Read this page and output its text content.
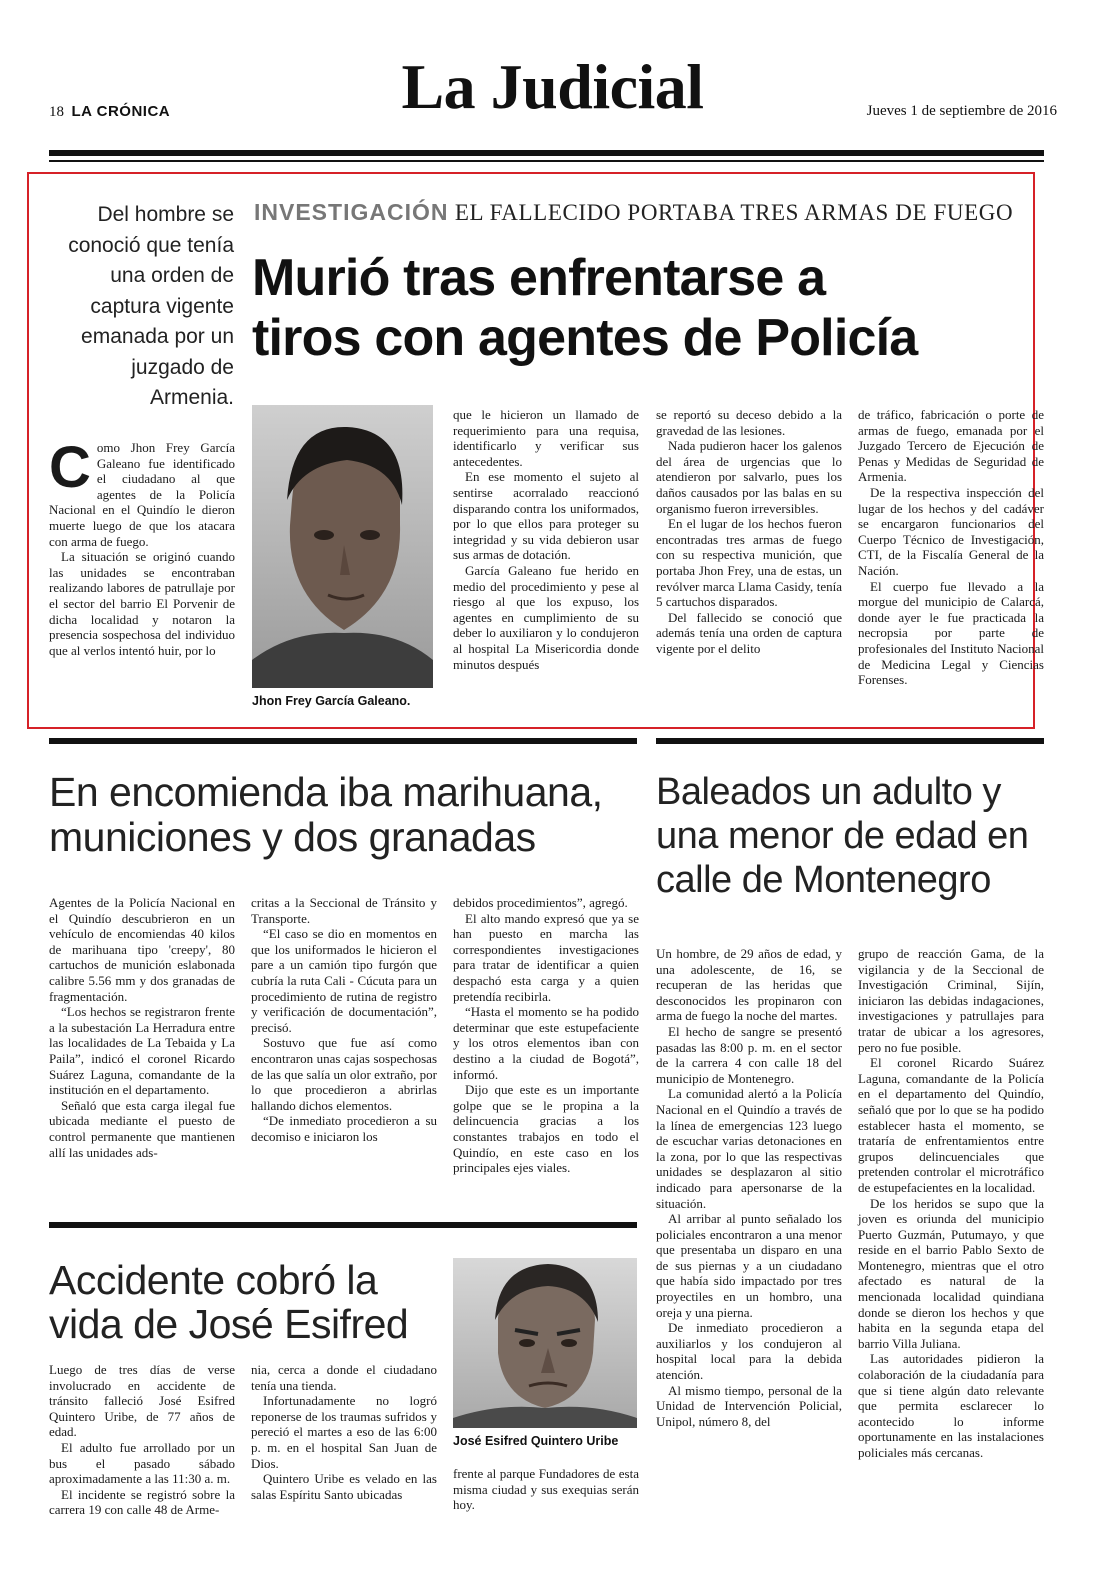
18 LA CRÓNICA	La Judicial	Jueves 1 de septiembre de 2016
Del hombre se conoció que tenía una orden de captura vigente emanada por un juzgado de Armenia.
INVESTIGACIÓN EL FALLECIDO PORTABA TRES ARMAS DE FUEGO
Murió tras enfrentarse a
tiros con agentes de Policía

Como Jhon Frey García Galeano fue identificado el ciudadano al que agentes de la Policía Nacional en el Quindío le dieron muerte luego de que los atacara con arma de fuego.

La situación se originó cuando las unidades se encontraban realizando labores de patrullaje por el sector del barrio El Porvenir de dicha localidad y notaron la presencia sospechosa del individuo que al verlos intentó huir, por lo

Jhon Frey García Galeano.

que le hicieron un llamado de requerimiento para una requisa, identificarlo y verificar sus antecedentes.

En ese momento el sujeto al sentirse acorralado reaccionó disparando contra los uniformados, por lo que ellos para proteger su integridad y su vida debieron usar sus armas de dotación.

García Galeano fue herido en medio del procedimiento y pese al riesgo al que los expuso, los agentes en cumplimiento de su deber lo auxiliaron y lo condujeron al hospital La Misericordia donde minutos después

se reportó su deceso debido a la gravedad de las lesiones.

Nada pudieron hacer los galenos del área de urgencias que lo atendieron por salvarlo, pues los daños causados por las balas en su organismo fueron irreversibles.

En el lugar de los hechos fueron encontradas tres armas de fuego con su respectiva munición, que portaba Jhon Frey, una de estas, un revólver marca Llama Casidy, tenía 5 cartuchos disparados.

Del fallecido se conoció que además tenía una orden de captura vigente por el delito

de tráfico, fabricación o porte de armas de fuego, emanada por el Juzgado Tercero de Ejecución de Penas y Medidas de Seguridad de Armenia.

De la respectiva inspección del lugar de los hechos y del cadáver se encargaron funcionarios del Cuerpo Técnico de Investigación, CTI, de la Fiscalía General de la Nación.

El cuerpo fue llevado a la morgue del municipio de Calarcá, donde ayer le fue practicada la necropsia por parte de profesionales del Instituto Nacional de Medicina Legal y Ciencias Forenses.

En encomienda iba marihuana,
municiones y dos granadas

Agentes de la Policía Nacional en el Quindío descubrieron en un vehículo de encomiendas 40 kilos de marihuana tipo 'creepy', 80 cartuchos de munición eslabonada calibre 5.56 mm y dos granadas de fragmentación.

“Los hechos se registraron frente a la subestación La Herradura entre las localidades de La Tebaida y La Paila”, indicó el coronel Ricardo Suárez Laguna, comandante de la institución en el departamento.

Señaló que esta carga ilegal fue ubicada mediante el puesto de control permanente que mantienen allí las unidades ads-

critas a la Seccional de Tránsito y Transporte.

“El caso se dio en momentos en que los uniformados le hicieron el pare a un camión tipo furgón que cubría la ruta Cali - Cúcuta para un procedimiento de rutina de registro y verificación de documentación”, precisó.

Sostuvo que fue así como encontraron unas cajas sospechosas de las que salía un olor extraño, por lo que procedieron a abrirlas hallando dichos elementos.

“De inmediato procedieron a su decomiso e iniciaron los

debidos procedimientos”, agregó.

El alto mando expresó que ya se han puesto en marcha las correspondientes investigaciones para tratar de identificar a quien despachó esta carga y a quien pretendía recibirla.

“Hasta el momento se ha podido determinar que este estupefaciente y los otros elementos iban con destino a la ciudad de Bogotá”, informó.

Dijo que este es un importante golpe que se le propina a la delincuencia gracias a los constantes trabajos en todo el Quindío, en este caso en los principales ejes viales.

Baleados un adulto y
una menor de edad en
calle de Montenegro

Un hombre, de 29 años de edad, y una adolescente, de 16, se recuperan de las heridas que desconocidos les propinaron con arma de fuego la noche del martes.

El hecho de sangre se presentó pasadas las 8:00 p. m. en el sector de la carrera 4 con calle 18 del municipio de Montenegro.

La comunidad alertó a la Policía Nacional en el Quindío a través de la línea de emergencias 123 luego de escuchar varias detonaciones en la zona, por lo que las respectivas unidades se desplazaron al sitio indicado para apersonarse de la situación.

Al arribar al punto señalado los policiales encontraron a una menor que presentaba un disparo en una de sus piernas y a un ciudadano que había sido impactado por tres proyectiles en un hombro, una oreja y una pierna.

De inmediato procedieron a auxiliarlos y los condujeron al hospital local para la debida atención.

Al mismo tiempo, personal de la Unidad de Intervención Policial, Unipol, número 8, del

grupo de reacción Gama, de la vigilancia y de la Seccional de Investigación Criminal, Sijín, iniciaron las debidas indagaciones, investigaciones y patrullajes para tratar de ubicar a los agresores, pero no fue posible.

El coronel Ricardo Suárez Laguna, comandante de la Policía en el departamento del Quindío, señaló que por lo que se ha podido establecer hasta el momento, se trataría de enfrentamientos entre grupos delincuenciales que pretenden controlar el microtráfico de estupefacientes en la localidad.

De los heridos se supo que la joven es oriunda del municipio Puerto Guzmán, Putumayo, y que reside en el barrio Pablo Sexto de Montenegro, mientras que el otro afectado es natural de la mencionada localidad quindiana donde se dieron los hechos y que habita en la segunda etapa del barrio Villa Juliana.

Las autoridades pidieron la colaboración de la ciudadanía para que si tiene algún dato relevante que permita esclarecer lo acontecido lo informe oportunamente en las instalaciones policiales más cercanas.

Accidente cobró la
vida de José Esifred
José Esifred Quintero Uribe

Luego de tres días de verse involucrado en accidente de tránsito falleció José Esifred Quintero Uribe, de 77 años de edad.

El adulto fue arrollado por un bus el pasado sábado aproximadamente a las 11:30 a. m.

El incidente se registró sobre la carrera 19 con calle 48 de Arme-

nia, cerca a donde el ciudadano tenía una tienda.

Infortunadamente no logró reponerse de los traumas sufridos y pereció el martes a eso de las 6:00 p. m. en el hospital San Juan de Dios.

Quintero Uribe es velado en las salas Espíritu Santo ubicadas

frente al parque Fundadores de esta misma ciudad y sus exequias serán hoy.
